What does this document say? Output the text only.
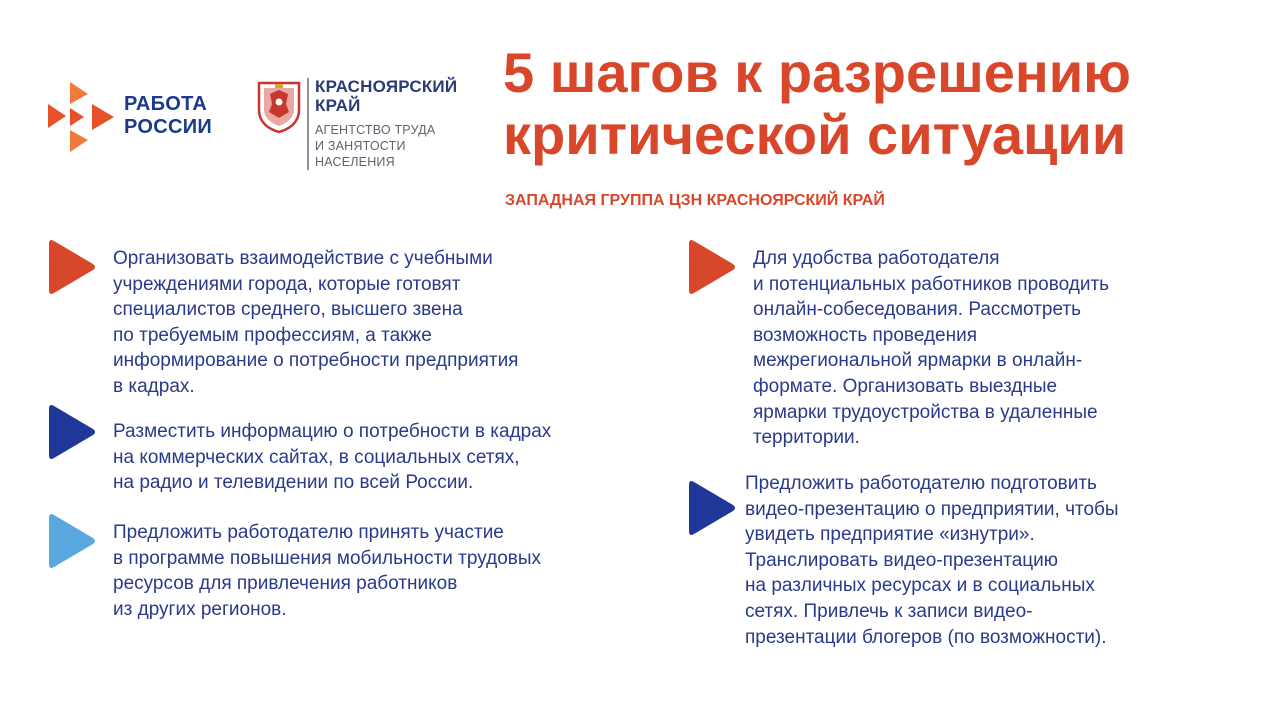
РАБОТА
РОССИИ
КРАСНОЯРСКИЙ
КРАЙ
АГЕНТСТВО ТРУДА
И ЗАНЯТОСТИ
НАСЕЛЕНИЯ
5 шагов к разрешению
критической ситуации
ЗАПАДНАЯ ГРУППА ЦЗН КРАСНОЯРСКИЙ КРАЙ

Организовать взаимодействие с учебными
учреждениями города, которые готовят
специалистов среднего, высшего звена
по требуемым профессиям, а также
информирование о потребности предприятия
в кадрах.

Разместить информацию о потребности в кадрах
на коммерческих сайтах, в социальных сетях,
на радио и телевидении по всей России.

Предложить работодателю принять участие
в программе повышения мобильности трудовых
ресурсов для привлечения работников
из других регионов.

Для удобства работодателя
и потенциальных работников проводить
онлайн-собеседования. Рассмотреть
возможность проведения
межрегиональной ярмарки в онлайн-
формате. Организовать выездные
ярмарки трудоустройства в удаленные
территории.

Предложить работодателю подготовить
видео-презентацию о предприятии, чтобы
увидеть предприятие «изнутри».
Транслировать видео-презентацию
на различных ресурсах и в социальных
сетях. Привлечь к записи видео-
презентации блогеров (по возможности).
